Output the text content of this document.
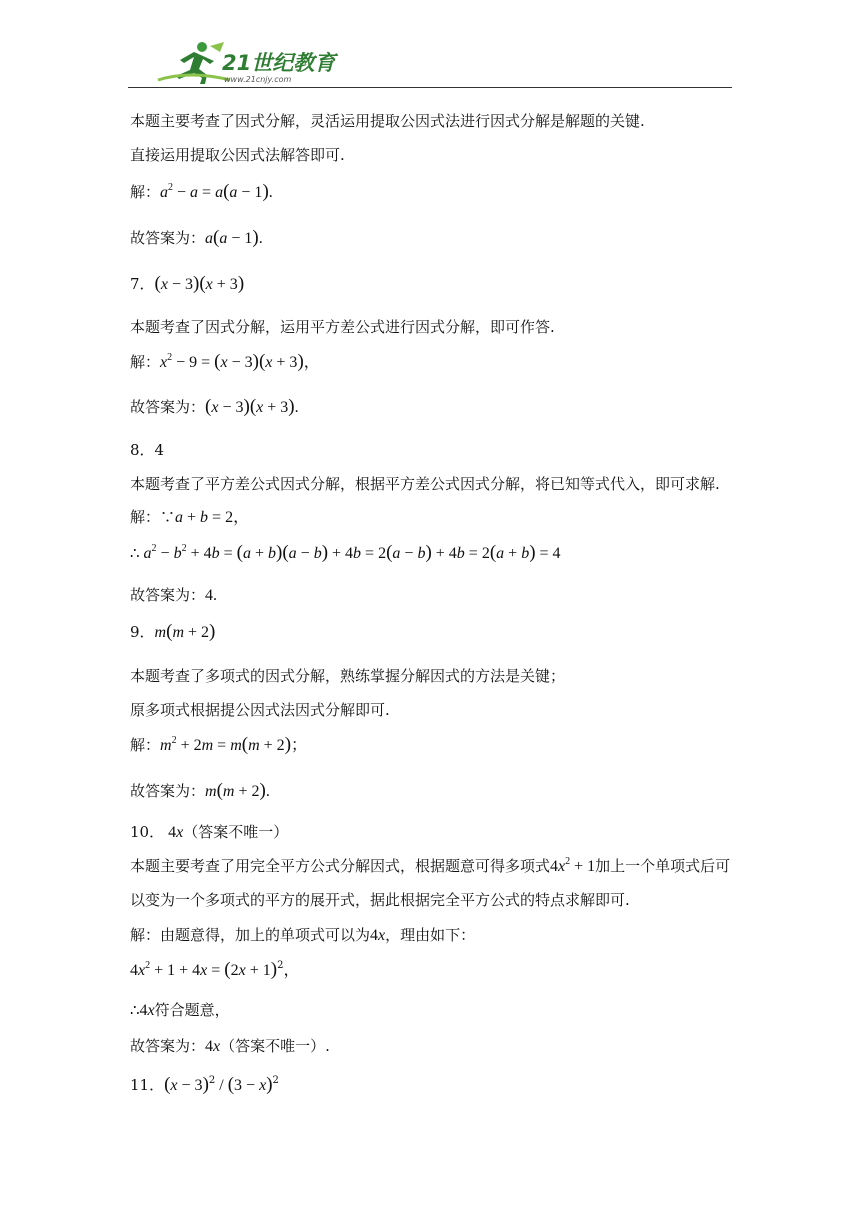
21世纪教育
www.21cnjy.com
本题主要考查了因式分解，灵活运用提取公因式法进行因式分解是解题的关键.
直接运用提取公因式法解答即可.
解：$a^2 - a = a(a - 1)$.
故答案为：a(a − 1).
7．(x − 3)(x + 3)
本题考查了因式分解，运用平方差公式进行因式分解，即可作答.
解：$x^2 - 9 = (x - 3)(x + 3)$，
故答案为：(x − 3)(x + 3).
8．4
本题考查了平方差公式因式分解，根据平方差公式因式分解，将已知等式代入，即可求解.
解：∵a + b = 2，
∴ $a^2 - b^2 + 4b = (a + b)(a - b) + 4b = 2(a - b) + 4b = 2(a + b) = 4$
故答案为：4.
9．m(m + 2)
本题考查了多项式的因式分解，熟练掌握分解因式的方法是关键；
原多项式根据提公因式法因式分解即可.
解：$m^2 + 2m = m(m + 2)$；
故答案为：m(m + 2).
10． 4x（答案不唯一）
本题主要考查了用完全平方公式分解因式，根据题意可得多项式$4x^2 + 1$加上一个单项式后可
以变为一个多项式的平方的展开式，据此根据完全平方公式的特点求解即可.
解：由题意得，加上的单项式可以为4x，理由如下：
$4x^2 + 1 + 4x = (2x + 1)^2$，
∴4x符合题意，
故答案为：4x（答案不唯一）.
11．$(x - 3)^2 / (3 - x)^2$
